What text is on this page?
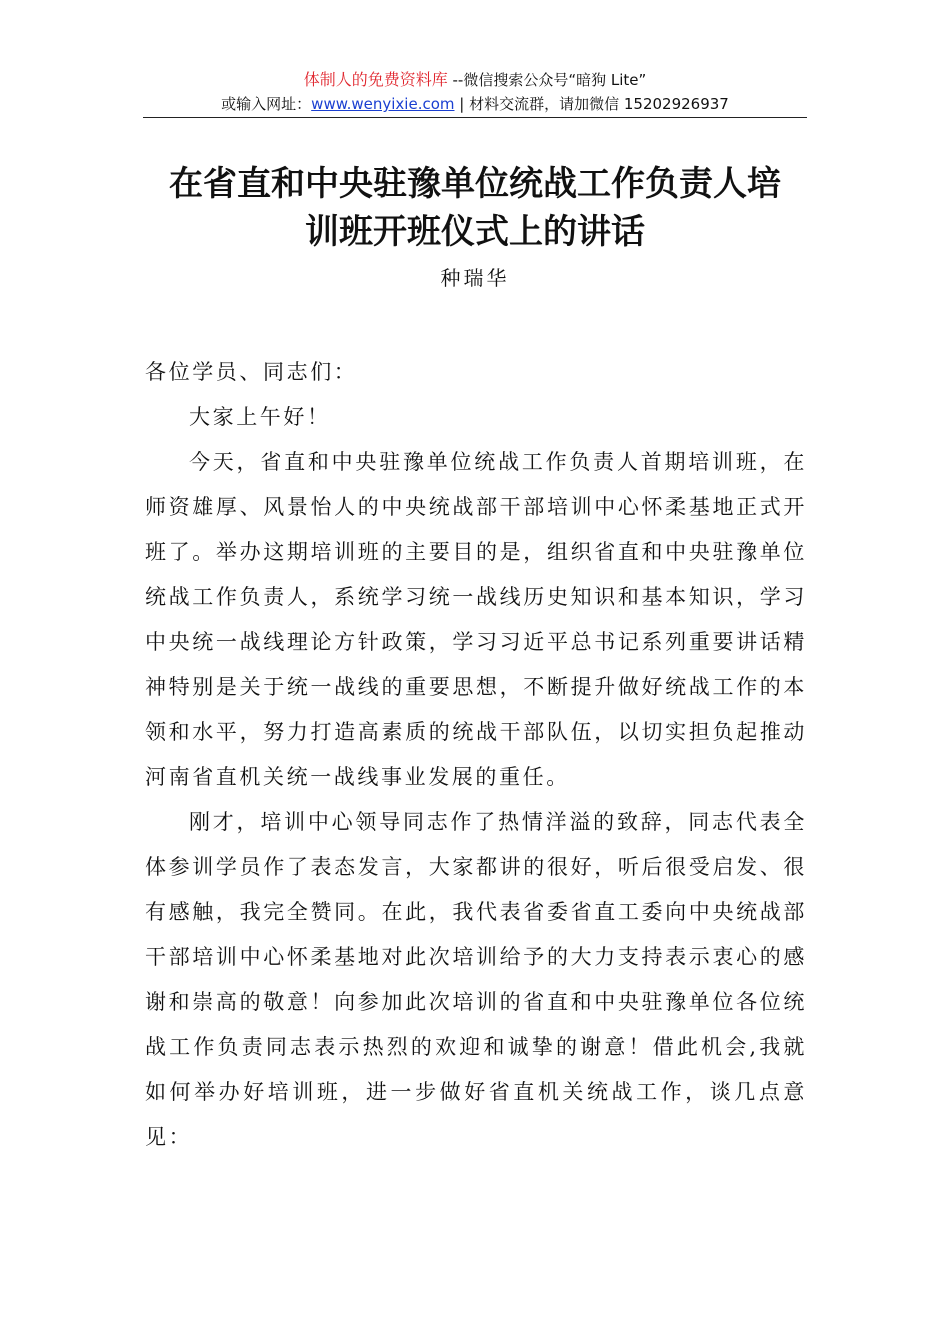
体制人的免费资料库 --微信搜索公众号“暗狗 Lite”
或输入网址：www.wenyixie.com | 材料交流群，请加微信 15202926937
在省直和中央驻豫单位统战工作负责人培
训班开班仪式上的讲话
种瑞华

各位学员、同志们：

大家上午好！

今天，省直和中央驻豫单位统战工作负责人首期培训班，在师资雄厚、风景怡人的中央统战部干部培训中心怀柔基地正式开班了。举办这期培训班的主要目的是，组织省直和中央驻豫单位统战工作负责人，系统学习统一战线历史知识和基本知识，学习中央统一战线理论方针政策，学习习近平总书记系列重要讲话精神特别是关于统一战线的重要思想，不断提升做好统战工作的本领和水平，努力打造高素质的统战干部队伍，以切实担负起推动河南省直机关统一战线事业发展的重任。

刚才，培训中心领导同志作了热情洋溢的致辞，同志代表全体参训学员作了表态发言，大家都讲的很好，听后很受启发、很有感触，我完全赞同。在此，我代表省委省直工委向中央统战部干部培训中心怀柔基地对此次培训给予的大力支持表示衷心的感谢和崇高的敬意！向参加此次培训的省直和中央驻豫单位各位统战工作负责同志表示热烈的欢迎和诚挚的谢意！借此机会,我就如何举办好培训班，进一步做好省直机关统战工作，谈几点意见：
